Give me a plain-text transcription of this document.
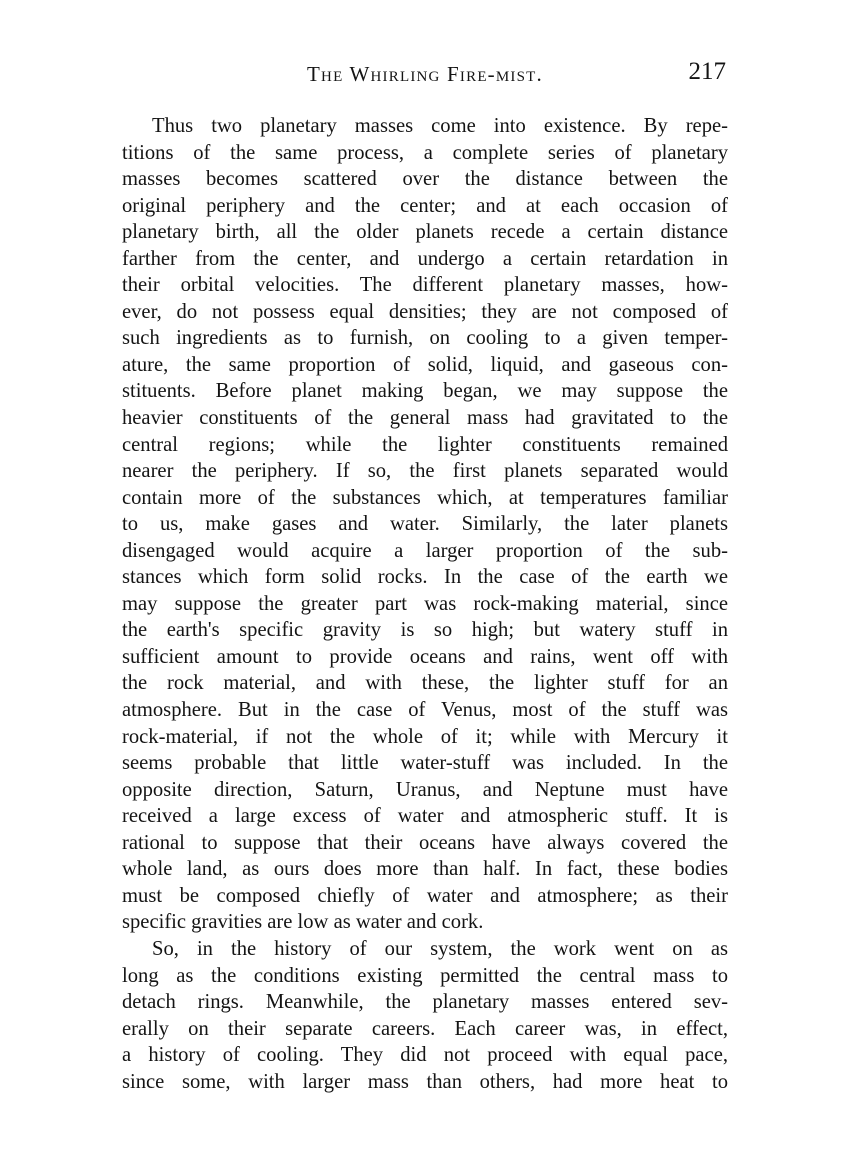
The Whirling Fire-mist.	217
Thus two planetary masses come into existence. By repe-
titions of the same process, a complete series of planetary
masses becomes scattered over the distance between the
original periphery and the center; and at each occasion of
planetary birth, all the older planets recede a certain distance
farther from the center, and undergo a certain retardation in
their orbital velocities. The different planetary masses, how-
ever, do not possess equal densities; they are not composed of
such ingredients as to furnish, on cooling to a given temper-
ature, the same proportion of solid, liquid, and gaseous con-
stituents. Before planet making began, we may suppose the
heavier constituents of the general mass had gravitated to the
central regions; while the lighter constituents remained
nearer the periphery. If so, the first planets separated would
contain more of the substances which, at temperatures familiar
to us, make gases and water. Similarly, the later planets
disengaged would acquire a larger proportion of the sub-
stances which form solid rocks. In the case of the earth we
may suppose the greater part was rock-making material, since
the earth's specific gravity is so high; but watery stuff in
sufficient amount to provide oceans and rains, went off with
the rock material, and with these, the lighter stuff for an
atmosphere. But in the case of Venus, most of the stuff was
rock-material, if not the whole of it; while with Mercury it
seems probable that little water-stuff was included. In the
opposite direction, Saturn, Uranus, and Neptune must have
received a large excess of water and atmospheric stuff. It is
rational to suppose that their oceans have always covered the
whole land, as ours does more than half. In fact, these bodies
must be composed chiefly of water and atmosphere; as their
specific gravities are low as water and cork.
So, in the history of our system, the work went on as
long as the conditions existing permitted the central mass to
detach rings. Meanwhile, the planetary masses entered sev-
erally on their separate careers. Each career was, in effect,
a history of cooling. They did not proceed with equal pace,
since some, with larger mass than others, had more heat to
